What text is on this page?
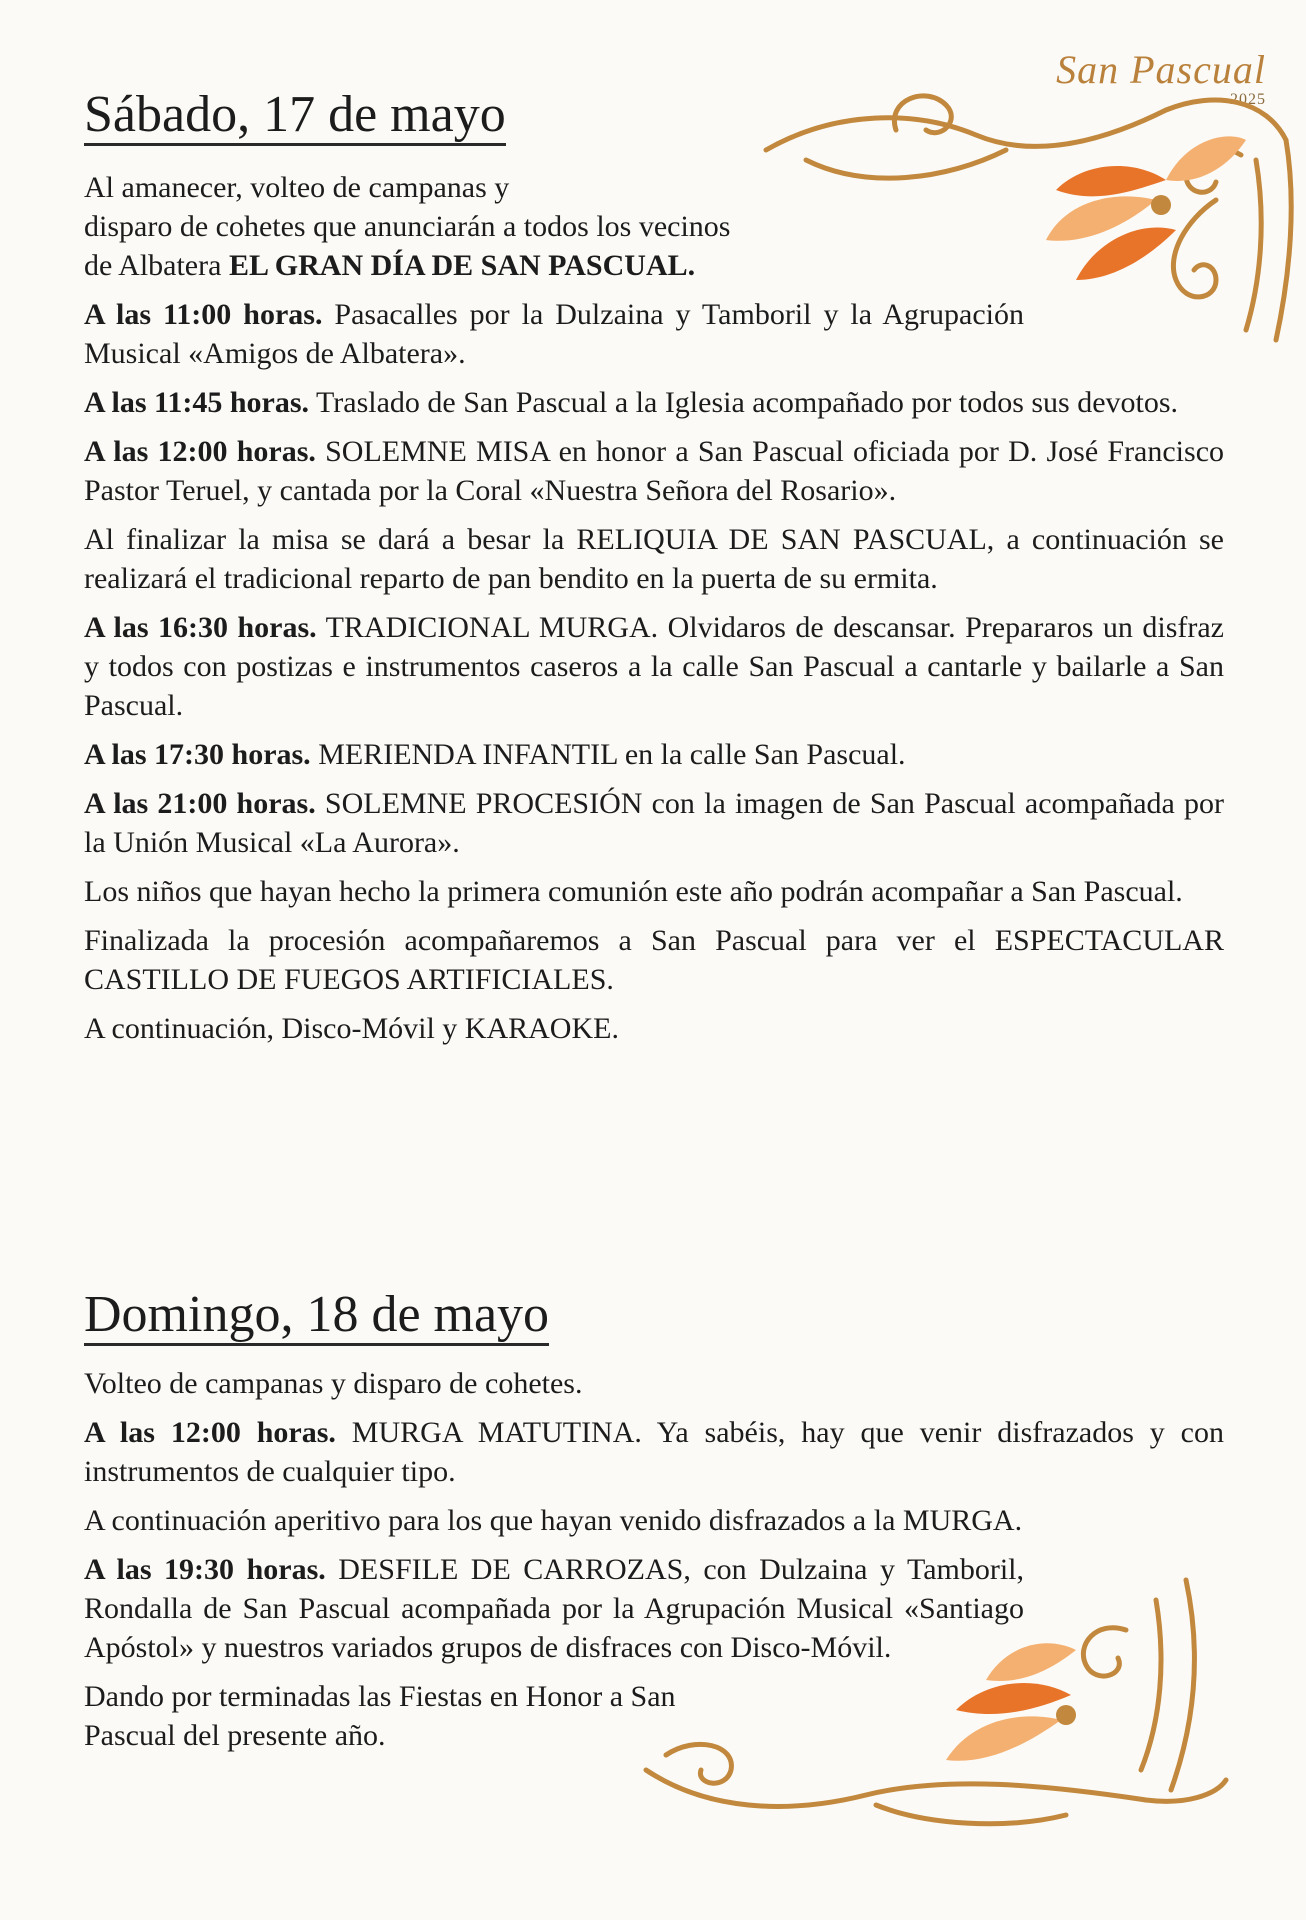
San Pascual
2025
Sábado, 17 de mayo

Al amanecer, volteo de campanas y

disparo de cohetes que anunciarán a todos los vecinos

de Albatera EL GRAN DÍA DE SAN PASCUAL.

A las 11:00 horas. Pasacalles por la Dulzaina y Tamboril y la Agrupación Musical «Amigos de Albatera».

A las 11:45 horas. Traslado de San Pascual a la Iglesia acompañado por todos sus devotos.

A las 12:00 horas. SOLEMNE MISA en honor a San Pascual oficiada por D. José Francisco Pastor Teruel, y cantada por la Coral «Nuestra Señora del Rosario».

Al finalizar la misa se dará a besar la RELIQUIA DE SAN PASCUAL, a continuación se realizará el tradicional reparto de pan bendito en la puerta de su ermita.

A las 16:30 horas. TRADICIONAL MURGA. Olvidaros de descansar. Prepararos un disfraz y todos con postizas e instrumentos caseros a la calle San Pascual a cantarle y bailarle a San Pascual.

A las 17:30 horas. MERIENDA INFANTIL en la calle San Pascual.

A las 21:00 horas. SOLEMNE PROCESIÓN con la imagen de San Pascual acompañada por la Unión Musical «La Aurora».

Los niños que hayan hecho la primera comunión este año podrán acompañar a San Pascual.

Finalizada la procesión acompañaremos a San Pascual para ver el ESPECTACULAR CASTILLO DE FUEGOS ARTIFICIALES.

A continuación, Disco-Móvil y KARAOKE.

Domingo, 18 de mayo

Volteo de campanas y disparo de cohetes.

A las 12:00 horas. MURGA MATUTINA. Ya sabéis, hay que venir disfrazados y con instrumentos de cualquier tipo.

A continuación aperitivo para los que hayan venido disfrazados a la MURGA.

A las 19:30 horas. DESFILE DE CARROZAS, con Dulzaina y Tamboril, Rondalla de San Pascual acompañada por la Agrupación Musical «Santiago Apóstol» y nuestros variados grupos de disfraces con Disco-Móvil.

Dando por terminadas las Fiestas en Honor a San Pascual del presente año.
